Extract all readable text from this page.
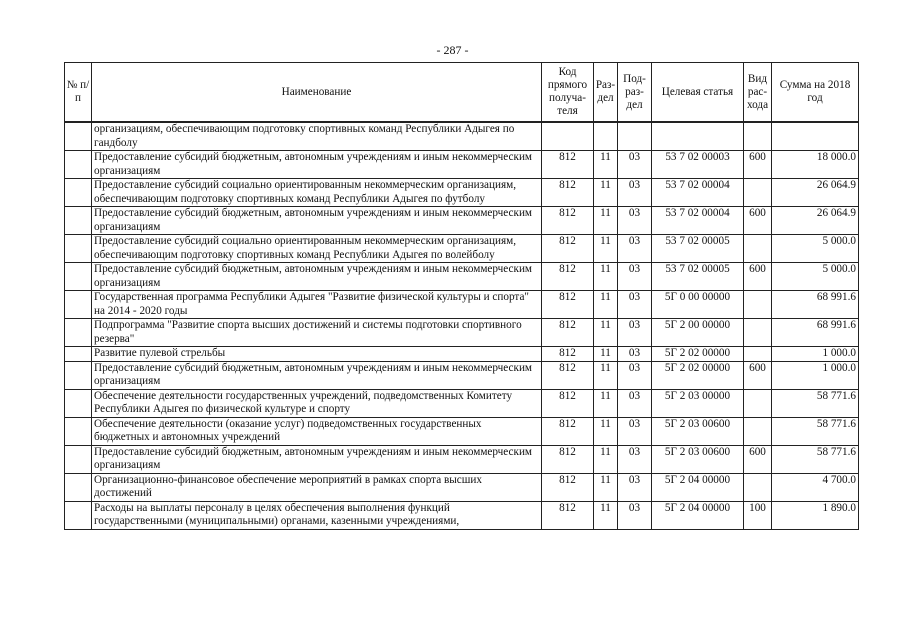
- 287 -
№ п/п	Наименование	Код прямого получа-теля	Раз-дел	Под-раз-дел	Целевая статья	Вид рас-хода	Сумма на 2018 год
	организациям, обеспечивающим подготовку спортивных команд Республики Адыгея по гандболу						
	Предоставление субсидий бюджетным, автономным учреждениям и иным некоммерческим организациям	812	11	03	53 7 02 00003	600	18 000.0
	Предоставление субсидий социально ориентированным некоммерческим организациям, обеспечивающим подготовку спортивных команд Республики Адыгея по футболу	812	11	03	53 7 02 00004		26 064.9
	Предоставление субсидий бюджетным, автономным учреждениям и иным некоммерческим организациям	812	11	03	53 7 02 00004	600	26 064.9
	Предоставление субсидий социально ориентированным некоммерческим организациям, обеспечивающим подготовку спортивных команд Республики Адыгея по волейболу	812	11	03	53 7 02 00005		5 000.0
	Предоставление субсидий бюджетным, автономным учреждениям и иным некоммерческим организациям	812	11	03	53 7 02 00005	600	5 000.0
	Государственная программа Республики Адыгея "Развитие физической культуры и спорта" на 2014 - 2020 годы	812	11	03	5Г 0 00 00000		68 991.6
	Подпрограмма "Развитие спорта высших достижений и системы подготовки спортивного резерва"	812	11	03	5Г 2 00 00000		68 991.6
	Развитие пулевой стрельбы	812	11	03	5Г 2 02 00000		1 000.0
	Предоставление субсидий бюджетным, автономным учреждениям и иным некоммерческим организациям	812	11	03	5Г 2 02 00000	600	1 000.0
	Обеспечение деятельности государственных учреждений, подведомственных Комитету Республики Адыгея по физической культуре и спорту	812	11	03	5Г 2 03 00000		58 771.6
	Обеспечение деятельности (оказание услуг) подведомственных государственных бюджетных и автономных учреждений	812	11	03	5Г 2 03 00600		58 771.6
	Предоставление субсидий бюджетным, автономным учреждениям и иным некоммерческим организациям	812	11	03	5Г 2 03 00600	600	58 771.6
	Организационно-финансовое обеспечение мероприятий в рамках спорта высших достижений	812	11	03	5Г 2 04 00000		4 700.0
	Расходы на выплаты персоналу в целях обеспечения выполнения функций государственными (муниципальными) органами, казенными учреждениями,	812	11	03	5Г 2 04 00000	100	1 890.0
